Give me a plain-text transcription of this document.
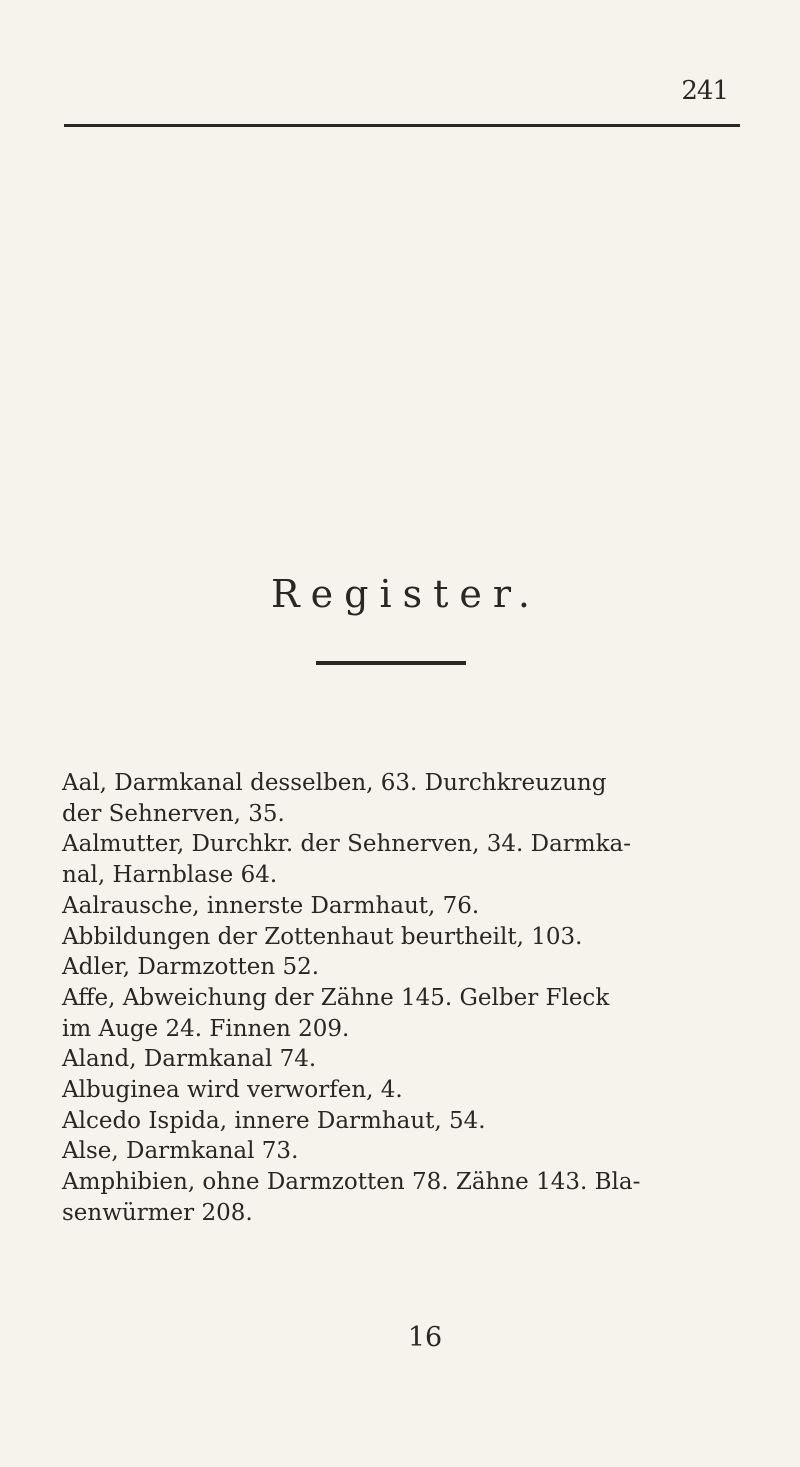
241
Register.

Aal, Darmkanal desselben, 63. Durchkreuzung
der Sehnerven, 35.

Aalmutter, Durchkr. der Sehnerven, 34. Darmka-
nal, Harnblase 64.

Aalrausche, innerste Darmhaut, 76.

Abbildungen der Zottenhaut beurtheilt, 103.

Adler, Darmzotten 52.

Affe, Abweichung der Zähne 145. Gelber Fleck
im Auge 24. Finnen 209.

Aland, Darmkanal 74.

Albuginea wird verworfen, 4.

Alcedo Ispida, innere Darmhaut, 54.

Alse, Darmkanal 73.

Amphibien, ohne Darmzotten 78. Zähne 143. Bla-
senwürmer 208.

16
